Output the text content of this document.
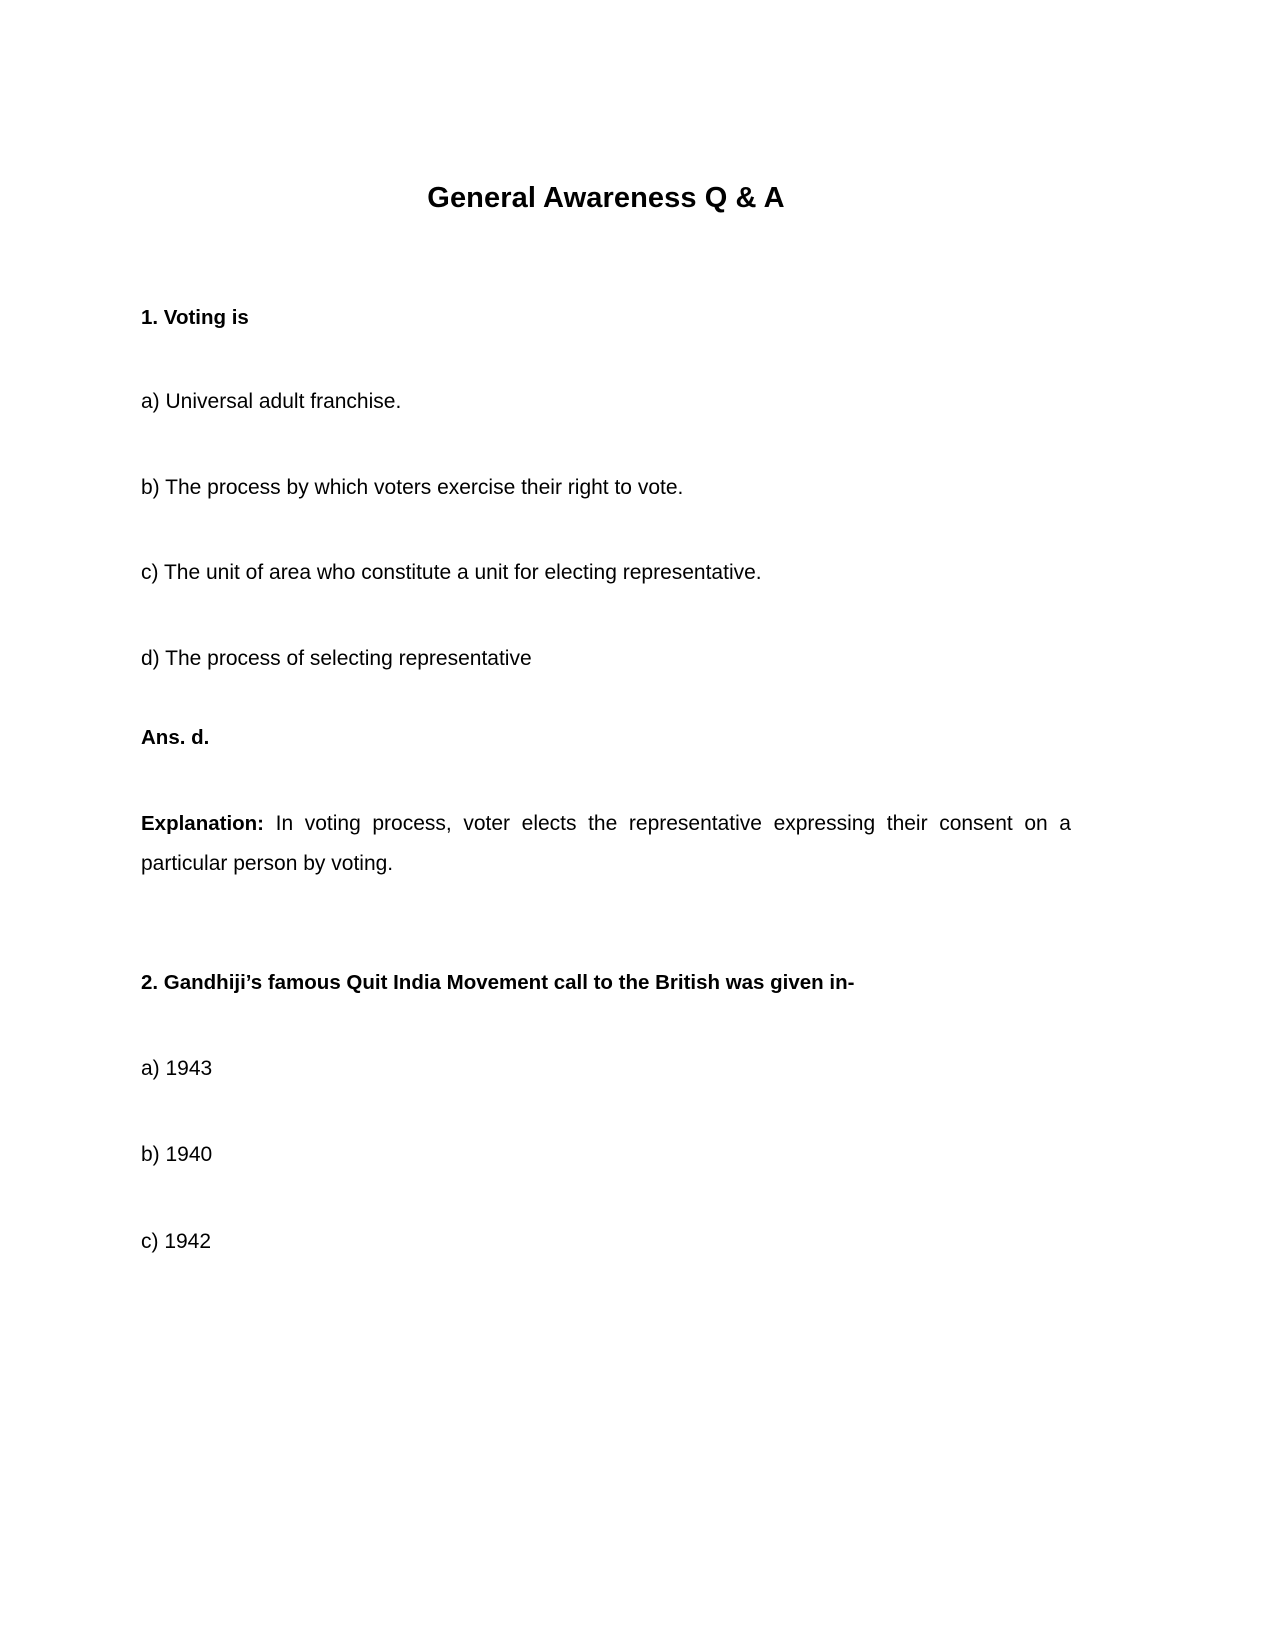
General Awareness Q & A

1. Voting is

a) Universal adult franchise.

b) The process by which voters exercise their right to vote.

c) The unit of area who constitute a unit for electing representative.

d) The process of selecting representative

Ans. d.

Explanation: In voting process, voter elects the representative expressing their consent on a particular person by voting.

2. Gandhiji’s famous Quit India Movement call to the British was given in-

a) 1943

b) 1940

c) 1942
